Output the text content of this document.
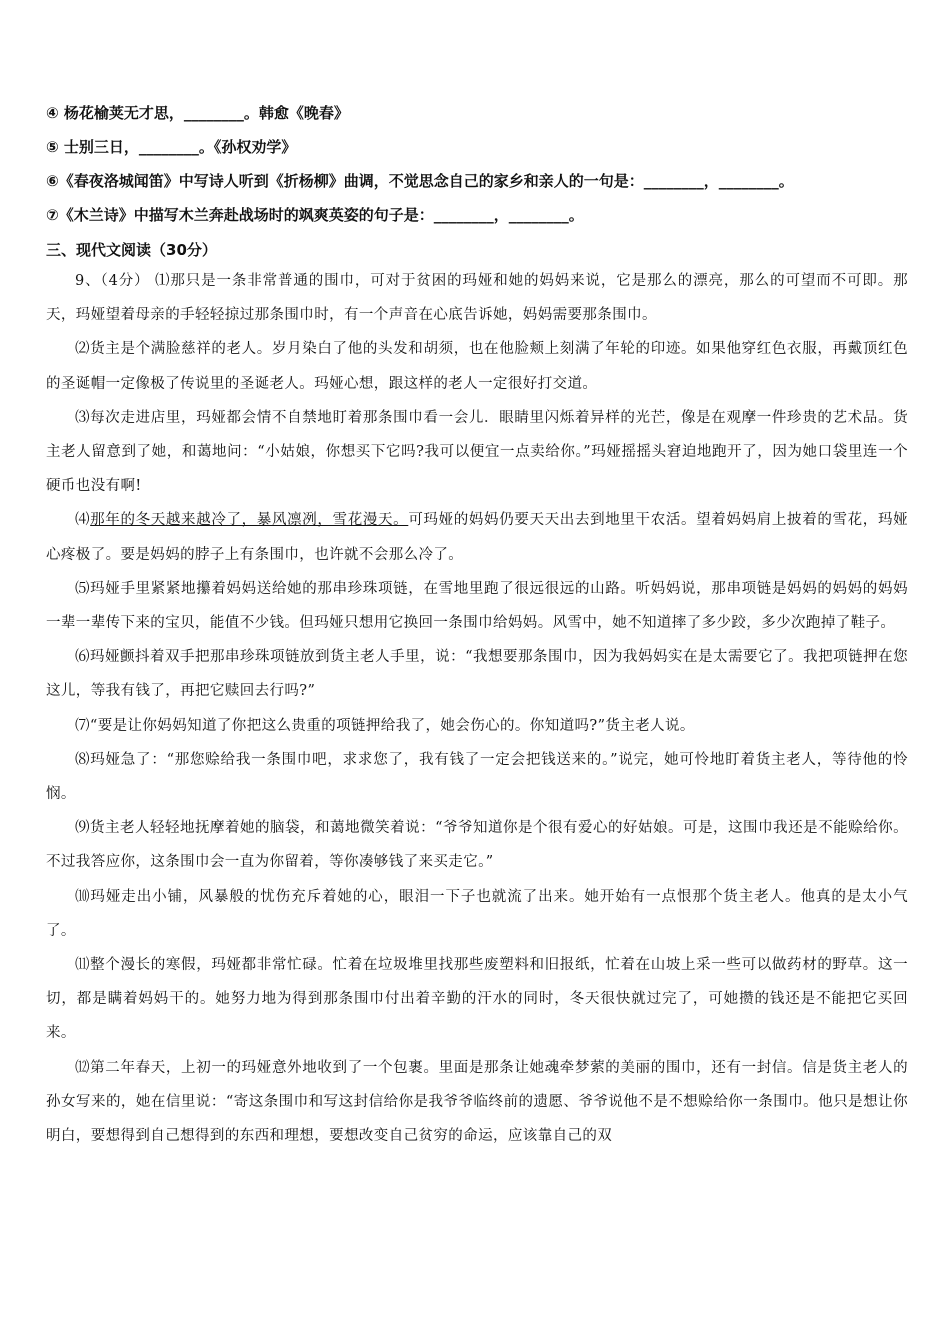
④ 杨花榆荚无才思，________。韩愈《晚春》
⑤ 士别三日，________。《孙权劝学》
⑥《春夜洛城闻笛》中写诗人听到《折杨柳》曲调，不觉思念自己的家乡和亲人的一句是：________，________。
⑦《木兰诗》中描写木兰奔赴战场时的飒爽英姿的句子是：________，________。
三、现代文阅读（30分）

9、（4分） ⑴那只是一条非常普通的围巾，可对于贫困的玛娅和她的妈妈来说，它是那么的漂亮，那么的可望而不可即。那天，玛娅望着母亲的手轻轻掠过那条围巾时，有一个声音在心底告诉她，妈妈需要那条围巾。

⑵货主是个满脸慈祥的老人。岁月染白了他的头发和胡须，也在他脸颊上刻满了年轮的印迹。如果他穿红色衣服，再戴顶红色的圣诞帽一定像极了传说里的圣诞老人。玛娅心想，跟这样的老人一定很好打交道。

⑶每次走进店里，玛娅都会情不自禁地盯着那条围巾看一会儿．眼睛里闪烁着异样的光芒，像是在观摩一件珍贵的艺术品。货主老人留意到了她，和蔼地问：“小姑娘，你想买下它吗?我可以便宜一点卖给你。”玛娅摇摇头窘迫地跑开了，因为她口袋里连一个硬币也没有啊!

⑷那年的冬天越来越冷了，暴风凛冽，雪花漫天。可玛娅的妈妈仍要天天出去到地里干农活。望着妈妈肩上披着的雪花，玛娅心疼极了。要是妈妈的脖子上有条围巾，也许就不会那么冷了。

⑸玛娅手里紧紧地攥着妈妈送给她的那串珍珠项链，在雪地里跑了很远很远的山路。听妈妈说，那串项链是妈妈的妈妈的妈妈一辈一辈传下来的宝贝，能值不少钱。但玛娅只想用它换回一条围巾给妈妈。风雪中，她不知道摔了多少跤，多少次跑掉了鞋子。

⑹玛娅颤抖着双手把那串珍珠项链放到货主老人手里，说：“我想要那条围巾，因为我妈妈实在是太需要它了。我把项链押在您这儿，等我有钱了，再把它赎回去行吗?”

⑺“要是让你妈妈知道了你把这么贵重的项链押给我了，她会伤心的。你知道吗?”货主老人说。

⑻玛娅急了：“那您赊给我一条围巾吧，求求您了，我有钱了一定会把钱送来的。”说完，她可怜地盯着货主老人，等待他的怜悯。

⑼货主老人轻轻地抚摩着她的脑袋，和蔼地微笑着说：“爷爷知道你是个很有爱心的好姑娘。可是，这围巾我还是不能赊给你。不过我答应你，这条围巾会一直为你留着，等你凑够钱了来买走它。”

⑽玛娅走出小铺，风暴般的忧伤充斥着她的心，眼泪一下子也就流了出来。她开始有一点恨那个货主老人。他真的是太小气了。

⑾整个漫长的寒假，玛娅都非常忙碌。忙着在垃圾堆里找那些废塑料和旧报纸，忙着在山坡上采一些可以做药材的野草。这一切，都是瞒着妈妈干的。她努力地为得到那条围巾付出着辛勤的汗水的同时，冬天很快就过完了，可她攒的钱还是不能把它买回来。

⑿第二年春天，上初一的玛娅意外地收到了一个包裹。里面是那条让她魂牵梦萦的美丽的围巾，还有一封信。信是货主老人的孙女写来的，她在信里说：“寄这条围巾和写这封信给你是我爷爷临终前的遗愿、爷爷说他不是不想赊给你一条围巾。他只是想让你明白，要想得到自己想得到的东西和理想，要想改变自己贫穷的命运，应该靠自己的双
